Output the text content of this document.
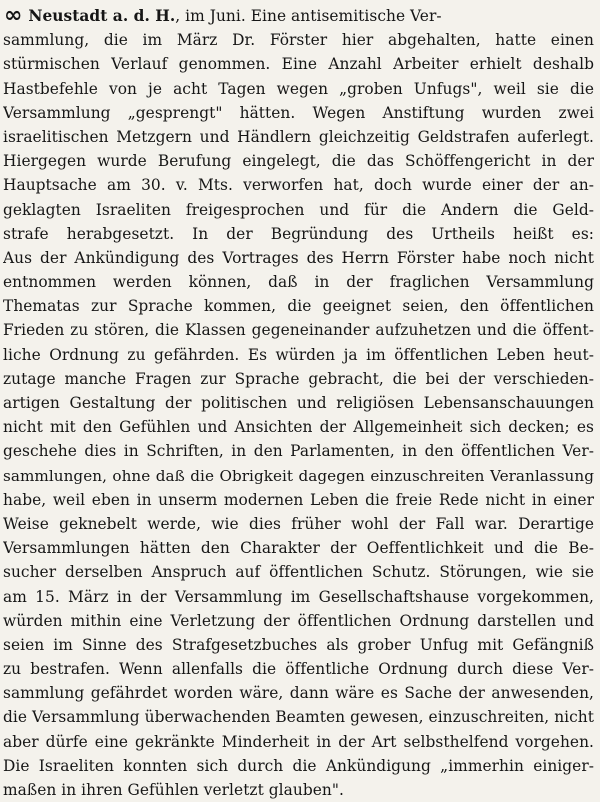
∞ Neustadt a. d. H., im Juni. Eine antisemitische Ver-
sammlung, die im März Dr. Förster hier abgehalten, hatte einen
stürmischen Verlauf genommen. Eine Anzahl Arbeiter erhielt deshalb
Hastbefehle von je acht Tagen wegen „groben Unfugs", weil sie die
Versammlung „gesprengt" hätten. Wegen Anstiftung wurden zwei
israelitischen Metzgern und Händlern gleichzeitig Geldstrafen auferlegt.
Hiergegen wurde Berufung eingelegt, die das Schöffengericht in der
Hauptsache am 30. v. Mts. verworfen hat, doch wurde einer der an-
geklagten Israeliten freigesprochen und für die Andern die Geld-
strafe herabgesetzt. In der Begründung des Urtheils heißt es:
Aus der Ankündigung des Vortrages des Herrn Förster habe noch nicht
entnommen werden können, daß in der fraglichen Versammlung
Thematas zur Sprache kommen, die geeignet seien, den öffentlichen
Frieden zu stören, die Klassen gegeneinander aufzuhetzen und die öffent-
liche Ordnung zu gefährden. Es würden ja im öffentlichen Leben heut-
zutage manche Fragen zur Sprache gebracht, die bei der verschieden-
artigen Gestaltung der politischen und religiösen Lebensanschauungen
nicht mit den Gefühlen und Ansichten der Allgemeinheit sich decken; es
geschehe dies in Schriften, in den Parlamenten, in den öffentlichen Ver-
sammlungen, ohne daß die Obrigkeit dagegen einzuschreiten Veranlassung
habe, weil eben in unserm modernen Leben die freie Rede nicht in einer
Weise geknebelt werde, wie dies früher wohl der Fall war. Derartige
Versammlungen hätten den Charakter der Oeffentlichkeit und die Be-
sucher derselben Anspruch auf öffentlichen Schutz. Störungen, wie sie
am 15. März in der Versammlung im Gesellschaftshause vorgekommen,
würden mithin eine Verletzung der öffentlichen Ordnung darstellen und
seien im Sinne des Strafgesetzbuches als grober Unfug mit Gefängniß
zu bestrafen. Wenn allenfalls die öffentliche Ordnung durch diese Ver-
sammlung gefährdet worden wäre, dann wäre es Sache der anwesenden,
die Versammlung überwachenden Beamten gewesen, einzuschreiten, nicht
aber dürfe eine gekränkte Minderheit in der Art selbsthelfend vorgehen.
Die Israeliten konnten sich durch die Ankündigung „immerhin einiger-
maßen in ihren Gefühlen verletzt glauben".
